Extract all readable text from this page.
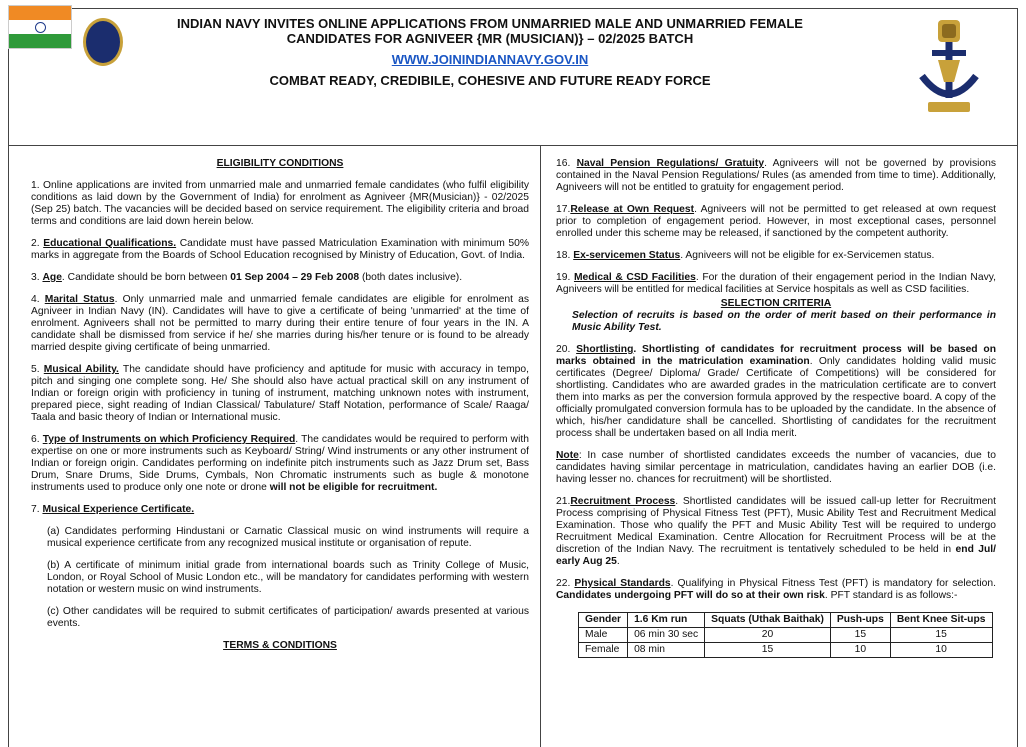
INDIAN NAVY INVITES ONLINE APPLICATIONS FROM UNMARRIED MALE AND UNMARRIED FEMALE
CANDIDATES FOR AGNIVEER {MR (MUSICIAN)} – 02/2025 BATCH
WWW.JOININDIANNAVY.GOV.IN
COMBAT READY, CREDIBILE, COHESIVE AND FUTURE READY FORCE

ELIGIBILITY CONDITIONS

1. Online applications are invited from unmarried male and unmarried female candidates (who fulfil eligibility conditions as laid down by the Government of India) for enrolment as Agniveer {MR(Musician)} - 02/2025 (Sep 25) batch. The vacancies will be decided based on service requirement. The eligibility criteria and broad terms and conditions are laid down herein below.

2. Educational Qualifications. Candidate must have passed Matriculation Examination with minimum 50% marks in aggregate from the Boards of School Education recognised by Ministry of Education, Govt. of India.

3. Age. Candidate should be born between 01 Sep 2004 – 29 Feb 2008 (both dates inclusive).

4. Marital Status. Only unmarried male and unmarried female candidates are eligible for enrolment as Agniveer in Indian Navy (IN). Candidates will have to give a certificate of being 'unmarried' at the time of enrolment. Agniveers shall not be permitted to marry during their entire tenure of four years in the IN. A candidate shall be dismissed from service if he/ she marries during his/her tenure or is found to be already married despite giving certificate of being unmarried.

5. Musical Ability. The candidate should have proficiency and aptitude for music with accuracy in tempo, pitch and singing one complete song. He/ She should also have actual practical skill on any instrument of Indian or foreign origin with proficiency in tuning of instrument, matching unknown notes with instrument, prepared piece, sight reading of Indian Classical/ Tabulature/ Staff Notation, performance of Scale/ Raaga/ Taala and basic theory of Indian or International music.

6. Type of Instruments on which Proficiency Required. The candidates would be required to perform with expertise on one or more instruments such as Keyboard/ String/ Wind instruments or any other instrument of Indian or foreign origin. Candidates performing on indefinite pitch instruments such as Jazz Drum set, Bass Drum, Snare Drums, Side Drums, Cymbals, Non Chromatic instruments such as bugle & monotone instruments used to produce only one note or drone will not be eligible for recruitment.

7. Musical Experience Certificate.

(a) Candidates performing Hindustani or Carnatic Classical music on wind instruments will require a musical experience certificate from any recognized musical institute or organisation of repute.

(b) A certificate of minimum initial grade from international boards such as Trinity College of Music, London, or Royal School of Music London etc., will be mandatory for candidates performing with western notation or western music on wind instruments.

(c) Other candidates will be required to submit certificates of participation/ awards presented at various events.

TERMS & CONDITIONS

16. Naval Pension Regulations/ Gratuity. Agniveers will not be governed by provisions contained in the Naval Pension Regulations/ Rules (as amended from time to time). Additionally, Agniveers will not be entitled to gratuity for engagement period.

17.Release at Own Request. Agniveers will not be permitted to get released at own request prior to completion of engagement period. However, in most exceptional cases, personnel enrolled under this scheme may be released, if sanctioned by the competent authority.

18. Ex-servicemen Status. Agniveers will not be eligible for ex-Servicemen status.

19. Medical & CSD Facilities. For the duration of their engagement period in the Indian Navy, Agniveers will be entitled for medical facilities at Service hospitals as well as CSD facilities.

SELECTION CRITERIA

Selection of recruits is based on the order of merit based on their performance in Music Ability Test.

20. Shortlisting. Shortlisting of candidates for recruitment process will be based on marks obtained in the matriculation examination. Only candidates holding valid music certificates (Degree/ Diploma/ Grade/ Certificate of Competitions) will be considered for shortlisting. Candidates who are awarded grades in the matriculation certificate are to convert them into marks as per the conversion formula approved by the respective board. A copy of the officially promulgated conversion formula has to be uploaded by the candidate. In the absence of which, his/her candidature shall be cancelled. Shortlisting of candidates for the recruitment process shall be undertaken based on all India merit.

Note: In case number of shortlisted candidates exceeds the number of vacancies, due to candidates having similar percentage in matriculation, candidates having an earlier DOB (i.e. having lesser no. chances for recruitment) will be shortlisted.

21.Recruitment Process. Shortlisted candidates will be issued call-up letter for Recruitment Process comprising of Physical Fitness Test (PFT), Music Ability Test and Recruitment Medical Examination. Those who qualify the PFT and Music Ability Test will be required to undergo Recruitment Medical Examination. Centre Allocation for Recruitment Process will be at the discretion of the Indian Navy. The recruitment is tentatively scheduled to be held in end Jul/ early Aug 25.

22. Physical Standards. Qualifying in Physical Fitness Test (PFT) is mandatory for selection. Candidates undergoing PFT will do so at their own risk. PFT standard is as follows:-

Gender	1.6 Km run	Squats (Uthak Baithak)	Push-ups	Bent Knee Sit-ups
Male	06 min 30 sec	20	15	15
Female	08 min	15	10	10
